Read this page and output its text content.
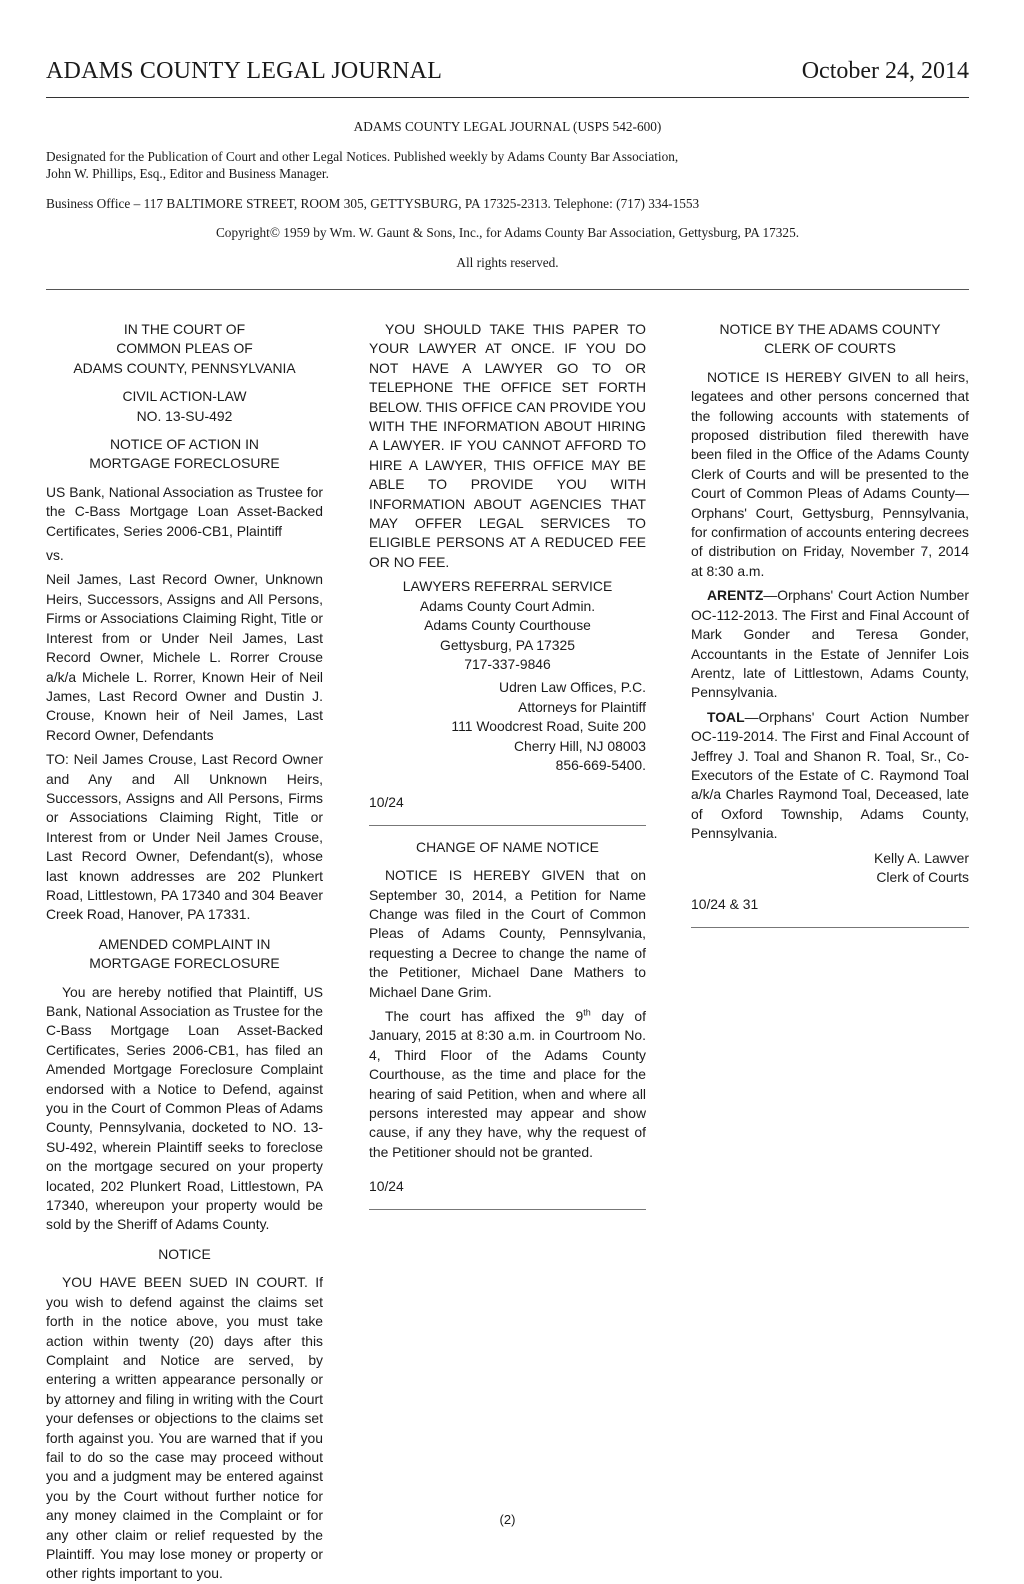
ADAMS COUNTY LEGAL JOURNAL	October 24, 2014

ADAMS COUNTY LEGAL JOURNAL (USPS 542-600)

Designated for the Publication of Court and other Legal Notices. Published weekly by Adams County Bar Association,

John W. Phillips, Esq., Editor and Business Manager.

Business Office – 117 BALTIMORE STREET, ROOM 305, GETTYSBURG, PA 17325-2313. Telephone: (717) 334-1553

Copyright© 1959 by Wm. W. Gaunt & Sons, Inc., for Adams County Bar Association, Gettysburg, PA 17325.

All rights reserved.

IN THE COURT OF
COMMON PLEAS OF
ADAMS COUNTY, PENNSYLVANIA
CIVIL ACTION-LAW
NO. 13-SU-492
NOTICE OF ACTION IN
MORTGAGE FORECLOSURE

US Bank, National Association as Trustee for the C-Bass Mortgage Loan Asset-Backed Certificates, Series 2006-CB1, Plaintiff

vs.

Neil James, Last Record Owner, Unknown Heirs, Successors, Assigns and All Persons, Firms or Associations Claiming Right, Title or Interest from or Under Neil James, Last Record Owner, Michele L. Rorrer Crouse a/k/a Michele L. Rorrer, Known Heir of Neil James, Last Record Owner and Dustin J. Crouse, Known heir of Neil James, Last Record Owner, Defendants

TO: Neil James Crouse, Last Record Owner and Any and All Unknown Heirs, Successors, Assigns and All Persons, Firms or Associations Claiming Right, Title or Interest from or Under Neil James Crouse, Last Record Owner, Defendant(s), whose last known addresses are 202 Plunkert Road, Littlestown, PA 17340 and 304 Beaver Creek Road, Hanover, PA 17331.

AMENDED COMPLAINT IN
MORTGAGE FORECLOSURE

You are hereby notified that Plaintiff, US Bank, National Association as Trustee for the C-Bass Mortgage Loan Asset-Backed Certificates, Series 2006-CB1, has filed an Amended Mortgage Foreclosure Complaint endorsed with a Notice to Defend, against you in the Court of Common Pleas of Adams County, Pennsylvania, docketed to NO. 13-SU-492, wherein Plaintiff seeks to foreclose on the mortgage secured on your property located, 202 Plunkert Road, Littlestown, PA 17340, whereupon your property would be sold by the Sheriff of Adams County.

NOTICE

YOU HAVE BEEN SUED IN COURT. If you wish to defend against the claims set forth in the notice above, you must take action within twenty (20) days after this Complaint and Notice are served, by entering a written appearance personally or by attorney and filing in writing with the Court your defenses or objections to the claims set forth against you. You are warned that if you fail to do so the case may proceed without you and a judgment may be entered against you by the Court without further notice for any money claimed in the Complaint or for any other claim or relief requested by the Plaintiff. You may lose money or property or other rights important to you.

YOU SHOULD TAKE THIS PAPER TO YOUR LAWYER AT ONCE. IF YOU DO NOT HAVE A LAWYER GO TO OR TELEPHONE THE OFFICE SET FORTH BELOW. THIS OFFICE CAN PROVIDE YOU WITH THE INFORMATION ABOUT HIRING A LAWYER. IF YOU CANNOT AFFORD TO HIRE A LAWYER, THIS OFFICE MAY BE ABLE TO PROVIDE YOU WITH INFORMATION ABOUT AGENCIES THAT MAY OFFER LEGAL SERVICES TO ELIGIBLE PERSONS AT A REDUCED FEE OR NO FEE.

LAWYERS REFERRAL SERVICE
Adams County Court Admin.
Adams County Courthouse
Gettysburg, PA 17325
717-337-9846
Udren Law Offices, P.C.
Attorneys for Plaintiff
111 Woodcrest Road, Suite 200
Cherry Hill, NJ 08003
856-669-5400.
10/24
CHANGE OF NAME NOTICE

NOTICE IS HEREBY GIVEN that on September 30, 2014, a Petition for Name Change was filed in the Court of Common Pleas of Adams County, Pennsylvania, requesting a Decree to change the name of the Petitioner, Michael Dane Mathers to Michael Dane Grim.

The court has affixed the 9th day of January, 2015 at 8:30 a.m. in Courtroom No. 4, Third Floor of the Adams County Courthouse, as the time and place for the hearing of said Petition, when and where all persons interested may appear and show cause, if any they have, why the request of the Petitioner should not be granted.

10/24
NOTICE BY THE ADAMS COUNTY
CLERK OF COURTS

NOTICE IS HEREBY GIVEN to all heirs, legatees and other persons concerned that the following accounts with statements of proposed distribution filed therewith have been filed in the Office of the Adams County Clerk of Courts and will be presented to the Court of Common Pleas of Adams County—Orphans' Court, Gettysburg, Pennsylvania, for confirmation of accounts entering decrees of distribution on Friday, November 7, 2014 at 8:30 a.m.

ARENTZ—Orphans' Court Action Number OC-112-2013. The First and Final Account of Mark Gonder and Teresa Gonder, Accountants in the Estate of Jennifer Lois Arentz, late of Littlestown, Adams County, Pennsylvania.

TOAL—Orphans' Court Action Number OC-119-2014. The First and Final Account of Jeffrey J. Toal and Shanon R. Toal, Sr., Co-Executors of the Estate of C. Raymond Toal a/k/a Charles Raymond Toal, Deceased, late of Oxford Township, Adams County, Pennsylvania.

Kelly A. Lawver
Clerk of Courts
10/24 & 31
(2)
